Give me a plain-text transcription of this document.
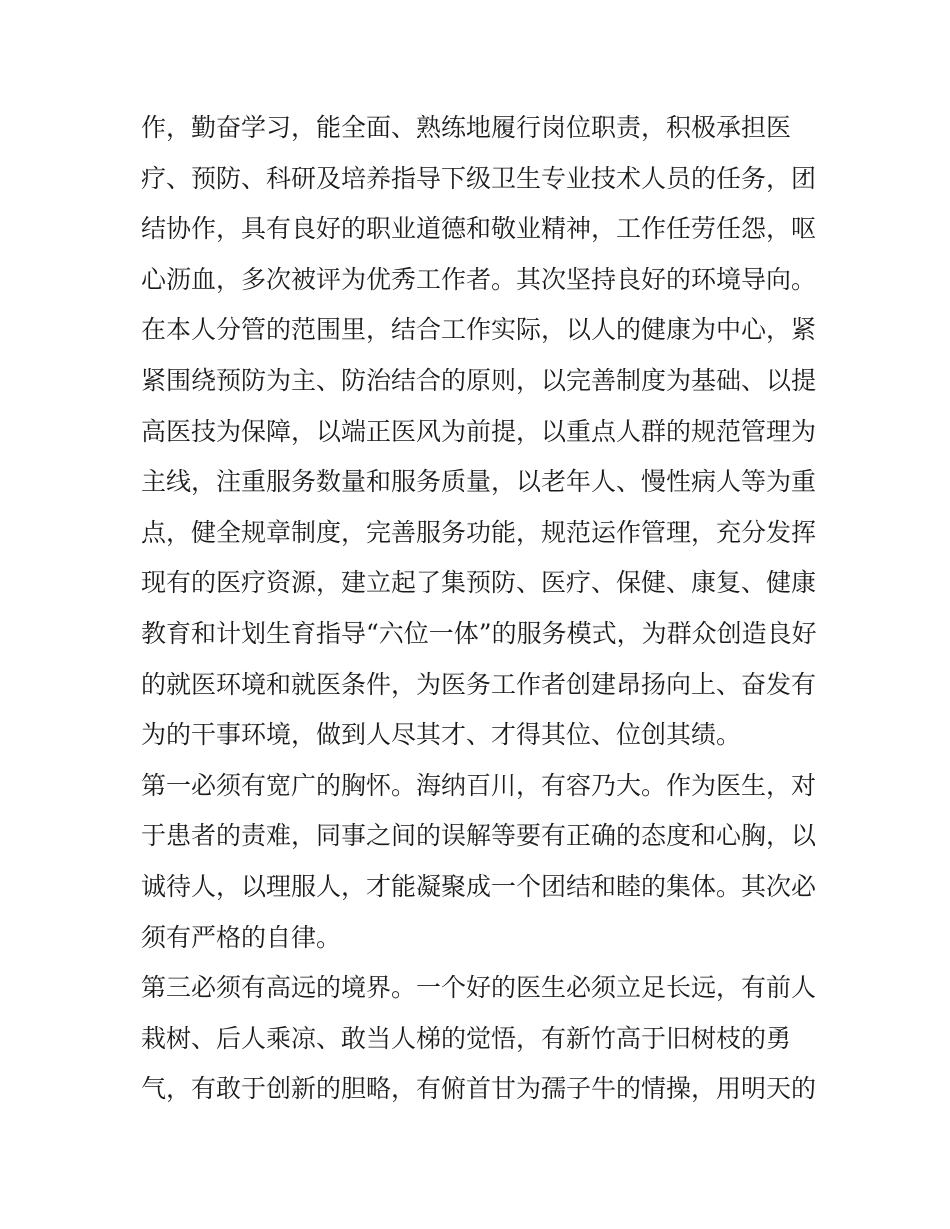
作，勤奋学习，能全面、熟练地履行岗位职责，积极承担医
疗、预防、科研及培养指导下级卫生专业技术人员的任务，团
结协作，具有良好的职业道德和敬业精神，工作任劳任怨，呕
心沥血，多次被评为优秀工作者。其次坚持良好的环境导向。
在本人分管的范围里，结合工作实际，以人的健康为中心，紧
紧围绕预防为主、防治结合的原则，以完善制度为基础、以提
高医技为保障，以端正医风为前提，以重点人群的规范管理为
主线，注重服务数量和服务质量，以老年人、慢性病人等为重
点，健全规章制度，完善服务功能，规范运作管理，充分发挥
现有的医疗资源，建立起了集预防、医疗、保健、康复、健康
教育和计划生育指导“六位一体”的服务模式，为群众创造良好
的就医环境和就医条件，为医务工作者创建昂扬向上、奋发有
为的干事环境，做到人尽其才、才得其位、位创其绩。
第一必须有宽广的胸怀。海纳百川，有容乃大。作为医生，对
于患者的责难，同事之间的误解等要有正确的态度和心胸，以
诚待人，以理服人，才能凝聚成一个团结和睦的集体。其次必
须有严格的自律。
第三必须有高远的境界。一个好的医生必须立足长远，有前人
栽树、后人乘凉、敢当人梯的觉悟，有新竹高于旧树枝的勇
气，有敢于创新的胆略，有俯首甘为孺子牛的情操，用明天的
